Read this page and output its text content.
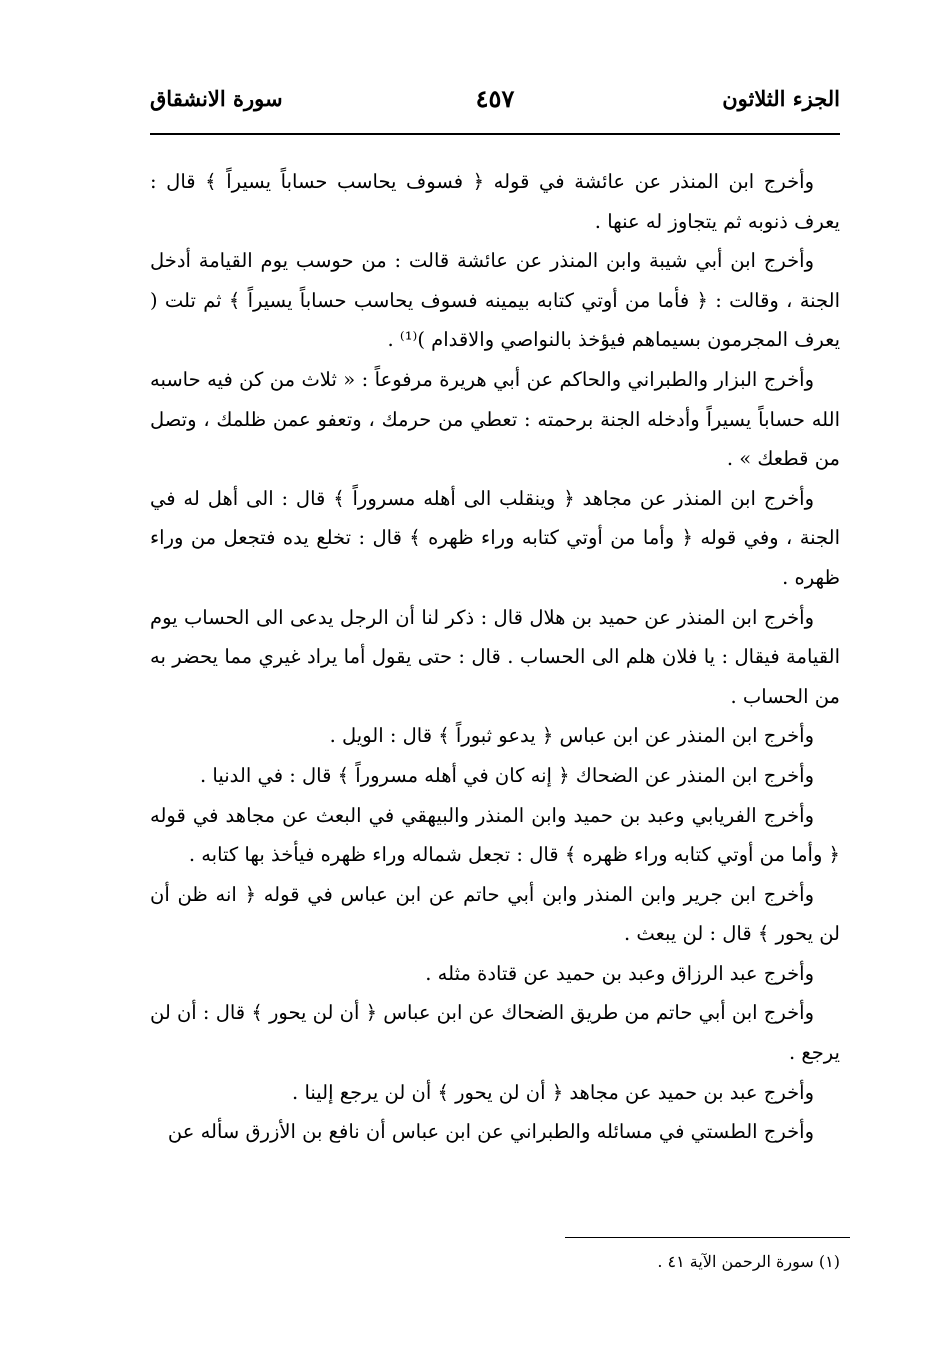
الجزء الثلاثون
٤٥٧
سورة الانشقاق

وأخرج ابن المنذر عن عائشة في قوله ﴿ فسوف يحاسب حساباً يسيراً ﴾ قال : يعرف ذنوبه ثم يتجاوز له عنها .

وأخرج ابن أبي شيبة وابن المنذر عن عائشة قالت : من حوسب يوم القيامة أدخل الجنة ، وقالت : ﴿ فأما من أوتي كتابه بيمينه فسوف يحاسب حساباً يسيراً ﴾ ثم تلت ( يعرف المجرمون بسيماهم فيؤخذ بالنواصي والاقدام )⁽¹⁾ .

وأخرج البزار والطبراني والحاكم عن أبي هريرة مرفوعاً : « ثلاث من كن فيه حاسبه الله حساباً يسيراً وأدخله الجنة برحمته : تعطي من حرمك ، وتعفو عمن ظلمك ، وتصل من قطعك » .

وأخرج ابن المنذر عن مجاهد ﴿ وينقلب الى أهله مسروراً ﴾ قال : الى أهل له في الجنة ، وفي قوله ﴿ وأما من أوتي كتابه وراء ظهره ﴾ قال : تخلع يده فتجعل من وراء ظهره .

وأخرج ابن المنذر عن حميد بن هلال قال : ذكر لنا أن الرجل يدعى الى الحساب يوم القيامة فيقال : يا فلان هلم الى الحساب . قال : حتى يقول أما يراد غيري مما يحضر به من الحساب .

وأخرج ابن المنذر عن ابن عباس ﴿ يدعو ثبوراً ﴾ قال : الويل .

وأخرج ابن المنذر عن الضحاك ﴿ إنه كان في أهله مسروراً ﴾ قال : في الدنيا .

وأخرج الفريابي وعبد بن حميد وابن المنذر والبيهقي في البعث عن مجاهد في قوله ﴿ وأما من أوتي كتابه وراء ظهره ﴾ قال : تجعل شماله وراء ظهره فيأخذ بها كتابه .

وأخرج ابن جرير وابن المنذر وابن أبي حاتم عن ابن عباس في قوله ﴿ انه ظن أن لن يحور ﴾ قال : لن يبعث .

وأخرج عبد الرزاق وعبد بن حميد عن قتادة مثله .

وأخرج ابن أبي حاتم من طريق الضحاك عن ابن عباس ﴿ أن لن يحور ﴾ قال : أن لن يرجع .

وأخرج عبد بن حميد عن مجاهد ﴿ أن لن يحور ﴾ أن لن يرجع إلينا .

وأخرج الطستي في مسائله والطبراني عن ابن عباس أن نافع بن الأزرق سأله عن

(١) سورة الرحمن الآية ٤١ .
